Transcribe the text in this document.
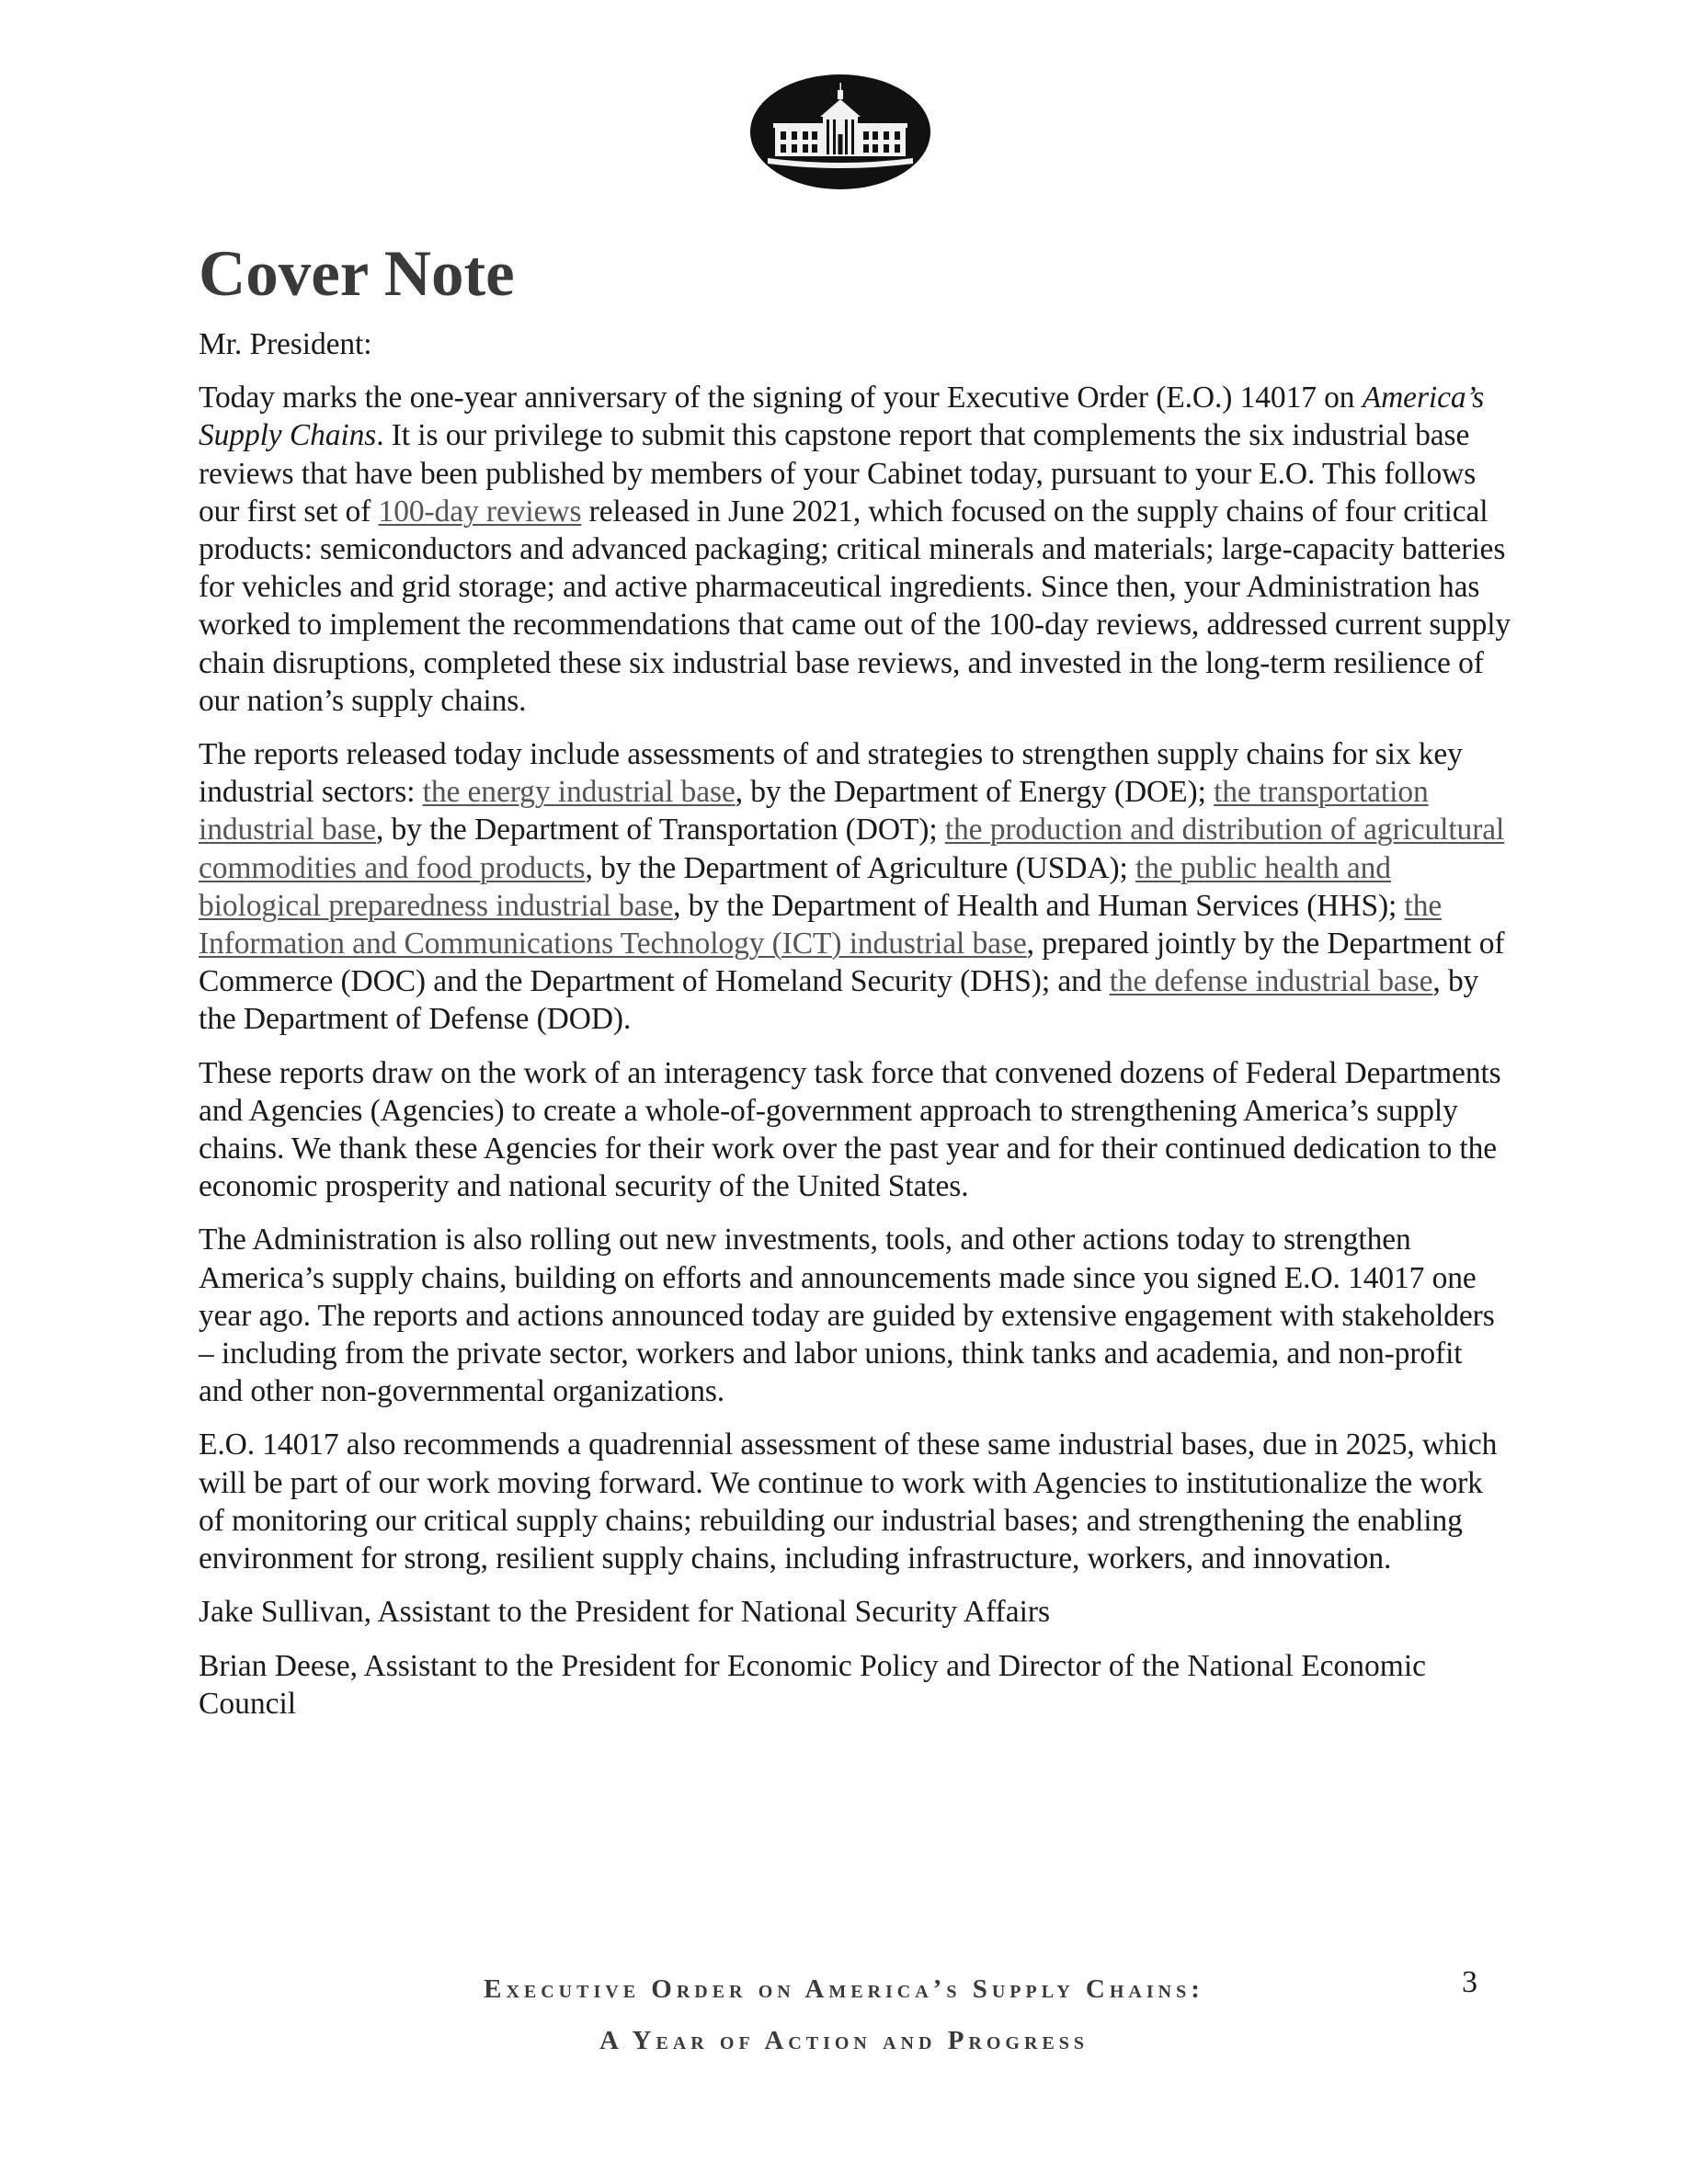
Cover Note

Mr. President:

Today marks the one-year anniversary of the signing of your Executive Order (E.O.) 14017 on America’s Supply Chains. It is our privilege to submit this capstone report that complements the six industrial base reviews that have been published by members of your Cabinet today, pursuant to your E.O. This follows our first set of 100-day reviews released in June 2021, which focused on the supply chains of four critical products: semiconductors and advanced packaging; critical minerals and materials; large-capacity batteries for vehicles and grid storage; and active pharmaceutical ingredients. Since then, your Administration has worked to implement the recommendations that came out of the 100-day reviews, addressed current supply chain disruptions, completed these six industrial base reviews, and invested in the long-term resilience of our nation’s supply chains.

The reports released today include assessments of and strategies to strengthen supply chains for six key industrial sectors: the energy industrial base, by the Department of Energy (DOE); the transportation industrial base, by the Department of Transportation (DOT); the production and distribution of agricultural commodities and food products, by the Department of Agriculture (USDA); the public health and biological preparedness industrial base, by the Department of Health and Human Services (HHS); the Information and Communications Technology (ICT) industrial base, prepared jointly by the Department of Commerce (DOC) and the Department of Homeland Security (DHS); and the defense industrial base, by the Department of Defense (DOD).

These reports draw on the work of an interagency task force that convened dozens of Federal Departments and Agencies (Agencies) to create a whole-of-government approach to strengthening America’s supply chains. We thank these Agencies for their work over the past year and for their continued dedication to the economic prosperity and national security of the United States.

The Administration is also rolling out new investments, tools, and other actions today to strengthen America’s supply chains, building on efforts and announcements made since you signed E.O. 14017 one year ago. The reports and actions announced today are guided by extensive engagement with stakeholders – including from the private sector, workers and labor unions, think tanks and academia, and non-profit and other non-governmental organizations.

E.O. 14017 also recommends a quadrennial assessment of these same industrial bases, due in 2025, which will be part of our work moving forward. We continue to work with Agencies to institutionalize the work of monitoring our critical supply chains; rebuilding our industrial bases; and strengthening the enabling environment for strong, resilient supply chains, including infrastructure, workers, and innovation.

Jake Sullivan, Assistant to the President for National Security Affairs

Brian Deese, Assistant to the President for Economic Policy and Director of the National Economic Council

Executive Order on America’s Supply Chains:
A Year of Action and Progress
3
